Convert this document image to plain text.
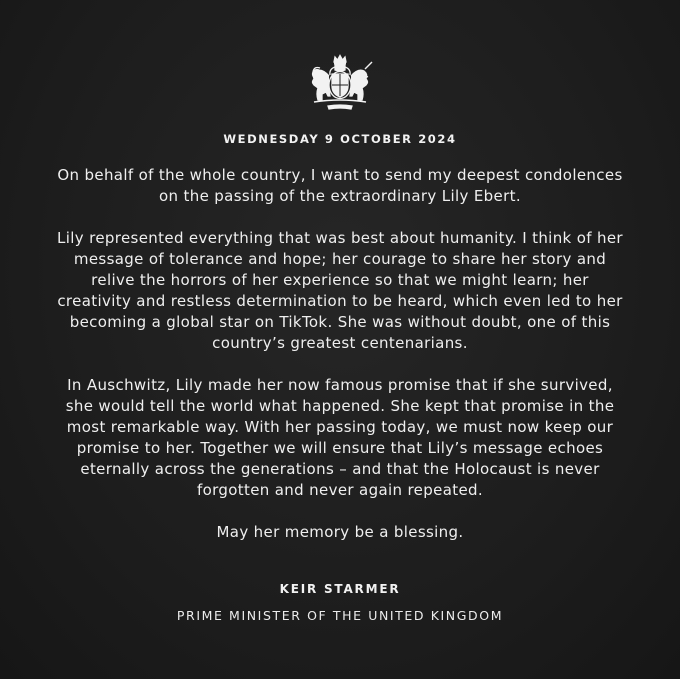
WEDNESDAY 9 OCTOBER 2024

On behalf of the whole country, I want to send my deepest condolences
on the passing of the extraordinary Lily Ebert.

Lily represented everything that was best about humanity. I think of her
message of tolerance and hope; her courage to share her story and
relive the horrors of her experience so that we might learn; her
creativity and restless determination to be heard, which even led to her
becoming a global star on TikTok. She was without doubt, one of this
country’s greatest centenarians.

In Auschwitz, Lily made her now famous promise that if she survived,
she would tell the world what happened. She kept that promise in the
most remarkable way. With her passing today, we must now keep our
promise to her. Together we will ensure that Lily’s message echoes
eternally across the generations – and that the Holocaust is never
forgotten and never again repeated.

May her memory be a blessing.

KEIR STARMER
PRIME MINISTER OF THE UNITED KINGDOM
